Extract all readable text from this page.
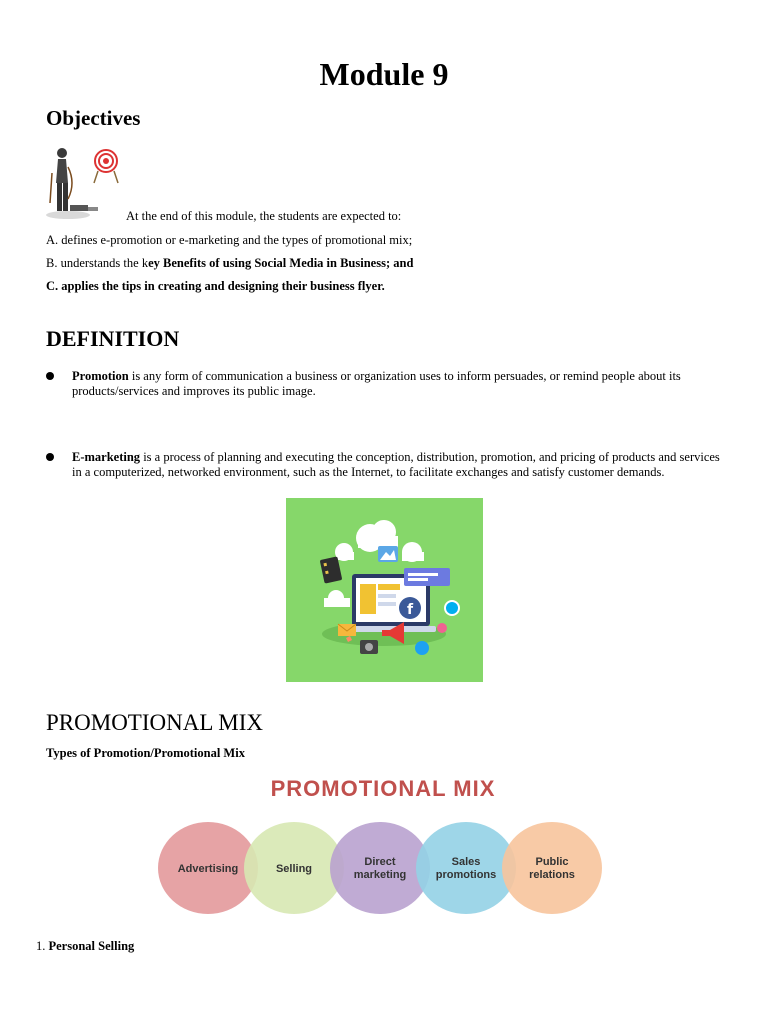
Module 9
Objectives
At the end of this module, the students are expected to:
A. defines e-promotion or e-marketing and the types of promotional mix;
B. understands the key Benefits of using Social Media in Business; and
C. applies the tips in creating and designing their business flyer.
DEFINITION
Promotion is any form of communication a business or organization uses to inform persuades, or remind people about its products/services and improves its public image.
E-marketing is a process of planning and executing the conception, distribution, promotion, and pricing of products and services in a computerized, networked environment, such as the Internet, to facilitate exchanges and satisfy customer demands.
f
PROMOTIONAL MIX
Types of Promotion/Promotional Mix
PROMOTIONAL MIX
Advertising	Selling
Direct marketing
Sales promotions
Public relations
1. Personal Selling
